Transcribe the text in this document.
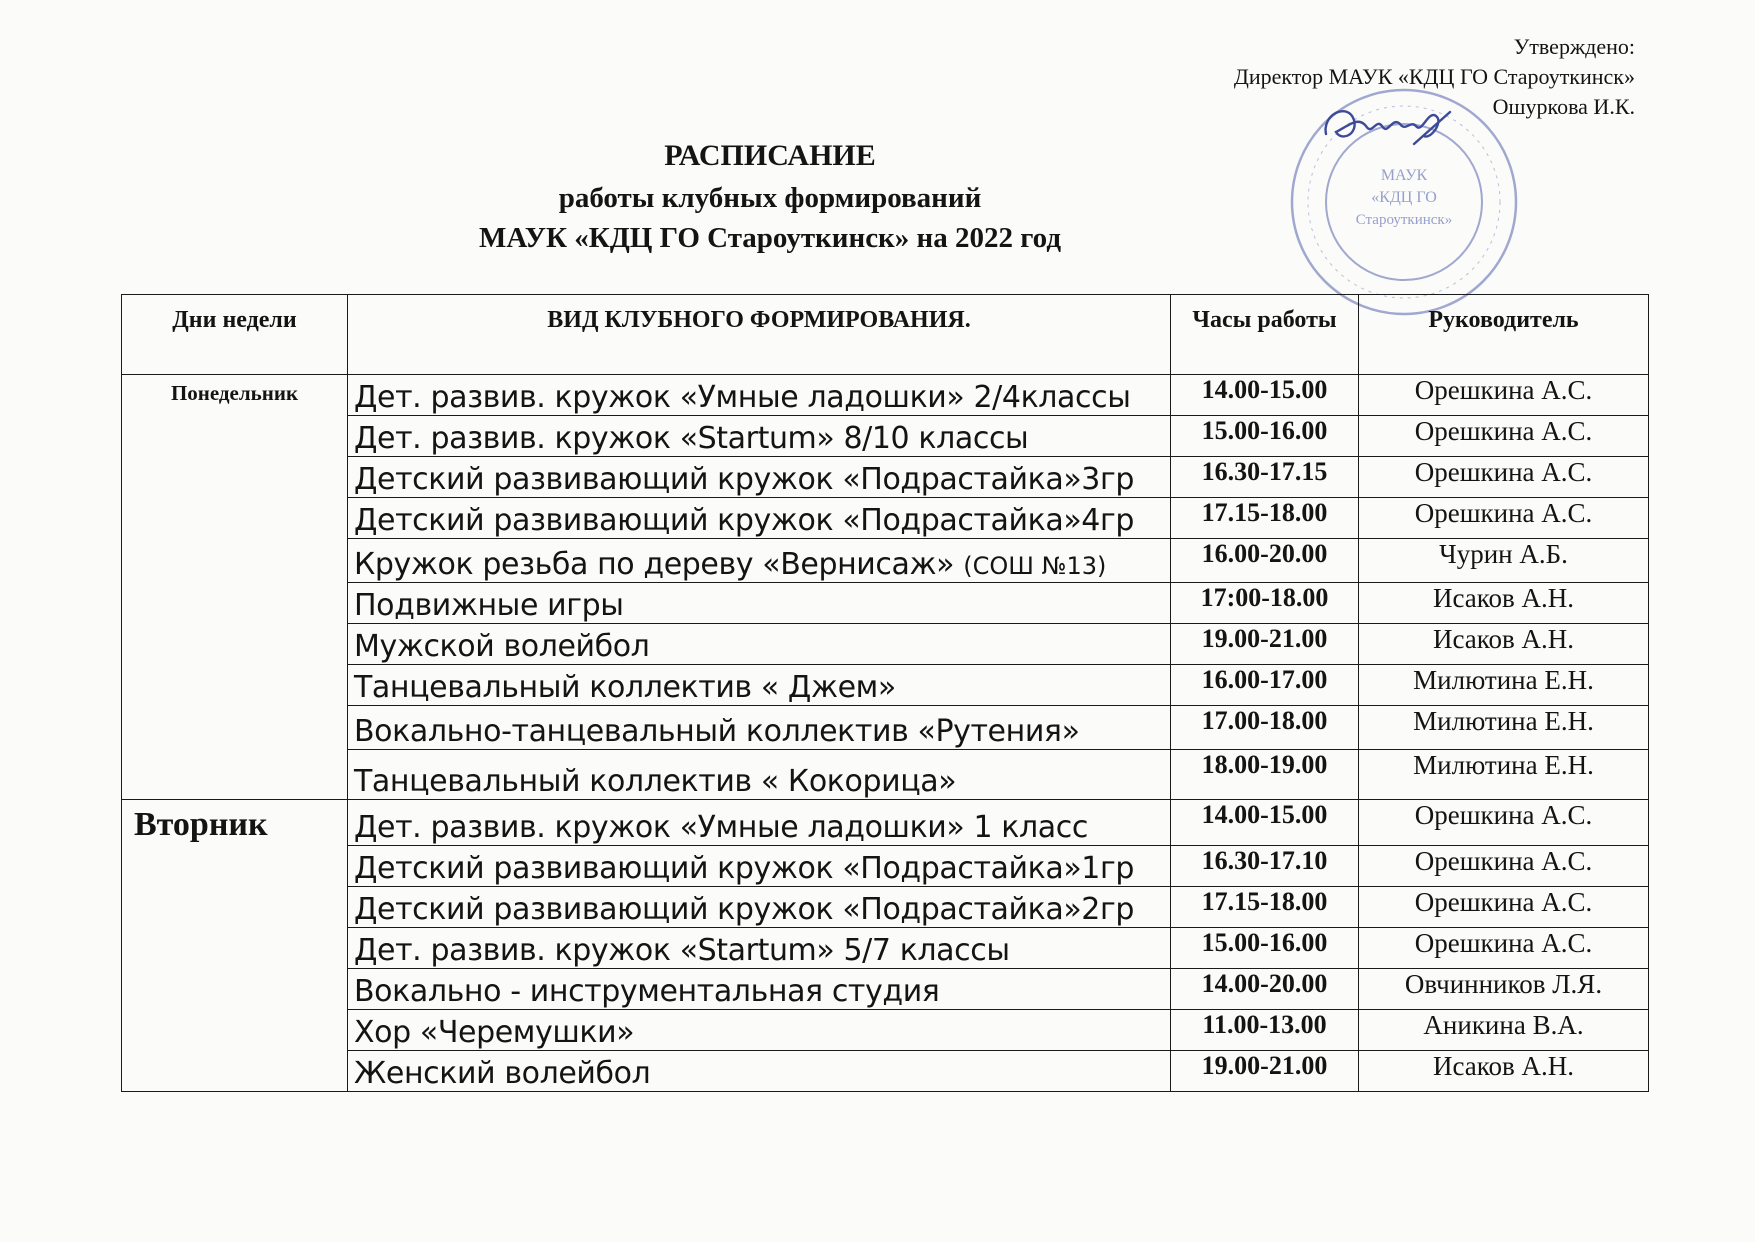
Утверждено:
Директор МАУК «КДЦ ГО Староуткинск»
Ошуркова И.К.
МАУК
«КДЦ ГО
Староуткинск»
РАСПИСАНИЕ
работы клубных формирований
МАУК «КДЦ ГО Староуткинск» на 2022 год
Дни недели	ВИД КЛУБНОГО ФОРМИРОВАНИЯ.	Часы работы	Руководитель
Понедельник	Дет. развив. кружок «Умные ладошки» 2/4классы	14.00-15.00	Орешкина А.С.
	Дет. развив. кружок «Startum» 8/10 классы	15.00-16.00	Орешкина А.С.
	Детский развивающий кружок «Подрастайка»3гр	16.30-17.15	Орешкина А.С.
	Детский развивающий кружок «Подрастайка»4гр	17.15-18.00	Орешкина А.С.
	Кружок резьба по дереву «Вернисаж» (СОШ №13)	16.00-20.00	Чурин А.Б.
	Подвижные игры	17:00-18.00	Исаков А.Н.
	Мужской волейбол	19.00-21.00	Исаков А.Н.
	Танцевальный коллектив « Джем»	16.00-17.00	Милютина Е.Н.
	Вокально-танцевальный коллектив «Рутения»	17.00-18.00	Милютина Е.Н.
	Танцевальный коллектив « Кокорица»	18.00-19.00	Милютина Е.Н.
Вторник	Дет. развив. кружок «Умные ладошки» 1 класс	14.00-15.00	Орешкина А.С.
	Детский развивающий кружок «Подрастайка»1гр	16.30-17.10	Орешкина А.С.
	Детский развивающий кружок «Подрастайка»2гр	17.15-18.00	Орешкина А.С.
	Дет. развив. кружок «Startum» 5/7 классы	15.00-16.00	Орешкина А.С.
	Вокально - инструментальная студия	14.00-20.00	Овчинников Л.Я.
	Хор «Черемушки»	11.00-13.00	Аникина В.А.
	Женский волейбол	19.00-21.00	Исаков А.Н.
